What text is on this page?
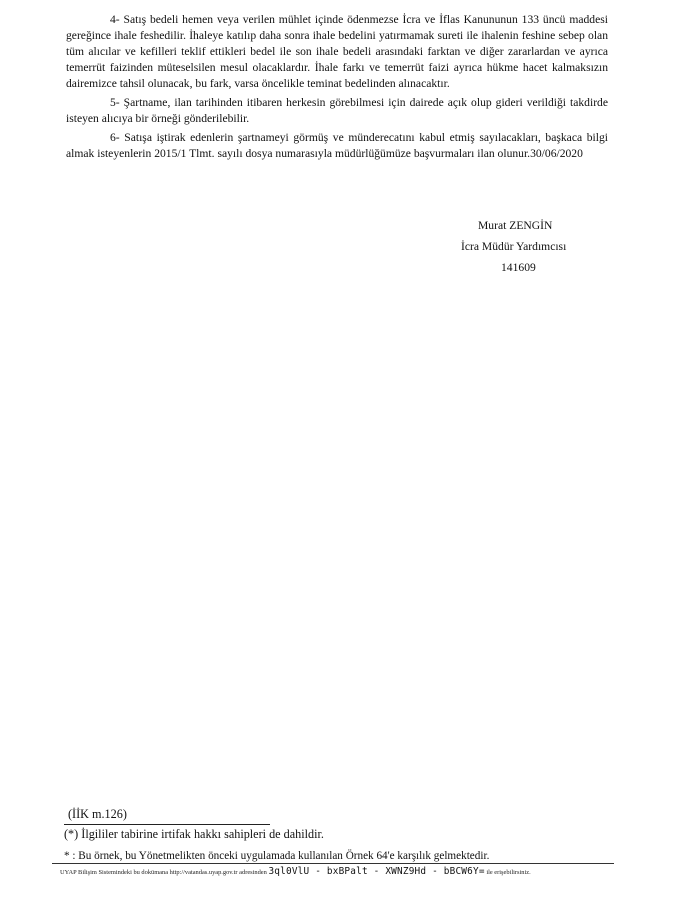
4- Satış bedeli hemen veya verilen mühlet içinde ödenmezse İcra ve İflas Kanununun 133 üncü maddesi gereğince ihale feshedilir. İhaleye katılıp daha sonra ihale bedelini yatırmamak sureti ile ihalenin feshine sebep olan tüm alıcılar ve kefilleri teklif ettikleri bedel ile son ihale bedeli arasındaki farktan ve diğer zararlardan ve ayrıca temerrüt faizinden müteselsilen mesul olacaklardır. İhale farkı ve temerrüt faizi ayrıca hükme hacet kalmaksızın dairemizce tahsil olunacak, bu fark, varsa öncelikle teminat bedelinden alınacaktır.

5- Şartname, ilan tarihinden itibaren herkesin görebilmesi için dairede açık olup gideri verildiği takdirde isteyen alıcıya bir örneği gönderilebilir.

6- Satışa iştirak edenlerin şartnameyi görmüş ve münderecatını kabul etmiş sayılacakları, başkaca bilgi almak isteyenlerin 2015/1 Tlmt. sayılı dosya numarasıyla müdürlüğümüze başvurmaları ilan olunur.30/06/2020

Murat ZENGİN
İcra Müdür Yardımcısı
141609
(İİK m.126)
(*) İlgililer tabirine irtifak hakkı sahipleri de dahildir.
* : Bu örnek, bu Yönetmelikten önceki uygulamada kullanılan Örnek 64'e karşılık gelmektedir.
UYAP Bilişim Sistemindeki bu dokümana http://vatandas.uyap.gov.tr adresinden 3ql0VlU - bxBPalt - XWNZ9Hd - bBCW6Y= ile erişebilirsiniz.
